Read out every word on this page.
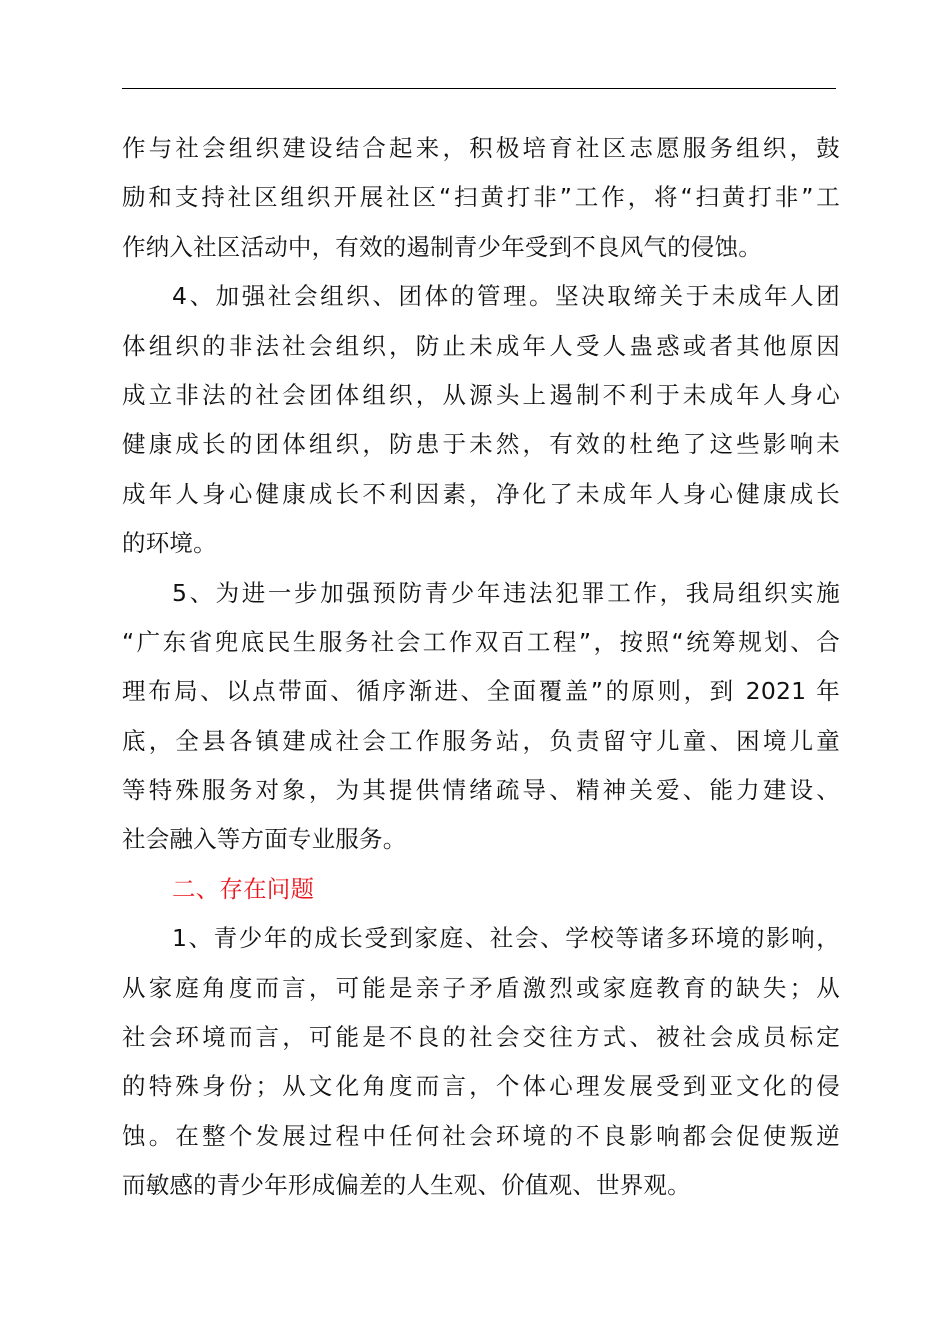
作与社会组织建设结合起来，积极培育社区志愿服务组织，鼓
励和支持社区组织开展社区“扫黄打非”工作，将“扫黄打非”工
作纳入社区活动中，有效的遏制青少年受到不良风气的侵蚀。
4、加强社会组织、团体的管理。坚决取缔关于未成年人团
体组织的非法社会组织，防止未成年人受人蛊惑或者其他原因
成立非法的社会团体组织，从源头上遏制不利于未成年人身心
健康成长的团体组织，防患于未然，有效的杜绝了这些影响未
成年人身心健康成长不利因素，净化了未成年人身心健康成长
的环境。
5、为进一步加强预防青少年违法犯罪工作，我局组织实施
“广东省兜底民生服务社会工作双百工程”，按照“统筹规划、合
理布局、以点带面、循序渐进、全面覆盖”的原则，到 2021 年
底，全县各镇建成社会工作服务站，负责留守儿童、困境儿童
等特殊服务对象，为其提供情绪疏导、精神关爱、能力建设、
社会融入等方面专业服务。
二、存在问题
1、青少年的成长受到家庭、社会、学校等诸多环境的影响，
从家庭角度而言，可能是亲子矛盾激烈或家庭教育的缺失；从
社会环境而言，可能是不良的社会交往方式、被社会成员标定
的特殊身份；从文化角度而言，个体心理发展受到亚文化的侵
蚀。在整个发展过程中任何社会环境的不良影响都会促使叛逆
而敏感的青少年形成偏差的人生观、价值观、世界观。
